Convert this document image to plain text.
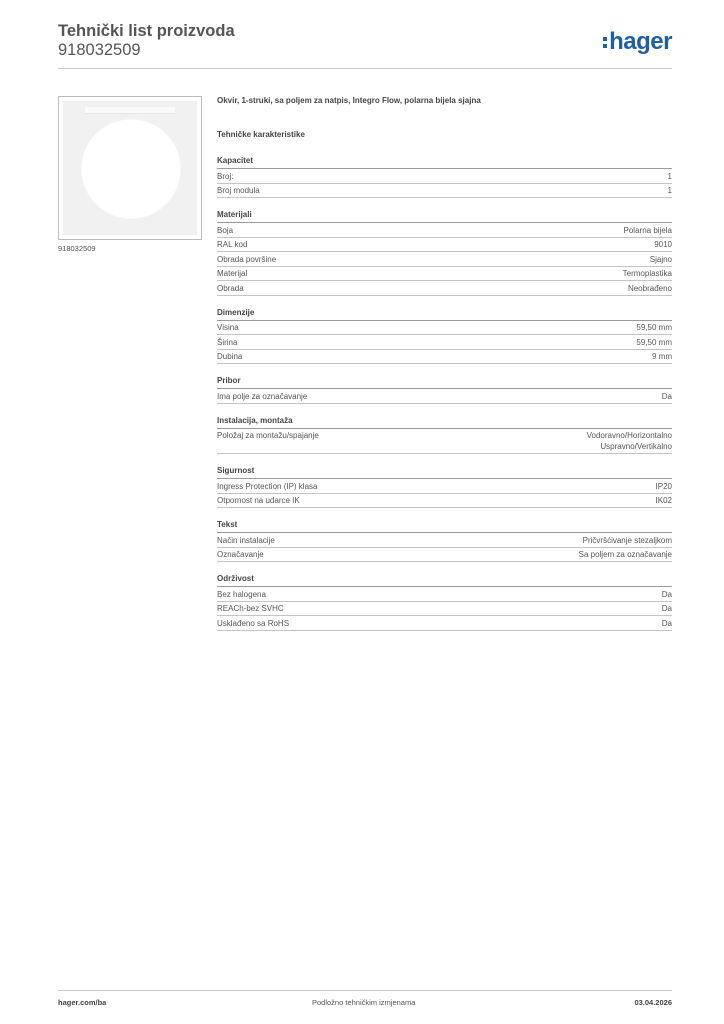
Tehnički list proizvoda
918032509	hager
918032509
Okvir, 1-struki, sa poljem za natpis, Integro Flow, polarna bijela sjajna
Tehničke karakteristike
Kapacitet
Broj:	1
Broj modula	1
Materijali
Boja	Polarna bijela
RAL kod	9010
Obrada površine	Sjajno
Materijal	Termoplastika
Obrada	Neobrađeno
Dimenzije
Visina	59,50 mm
Širina	59,50 mm
Dubina	9 mm
Pribor
Ima polje za označavanje	Da
Instalacija, montaža
Položaj za montažu/spajanje	Vodoravno/Horizontalno
Uspravno/Vertikalno
Sigurnost
Ingress Protection (IP) klasa	IP20
Otpornost na udarce IK	IK02
Tekst
Način instalacije	Pričvršćivanje stezaljkom
Označavanje	Sa poljem za označavanje
Održivost
Bez halogena	Da
REACh-bez SVHC	Da
Usklađeno sa RoHS	Da
hager.com/ba	Podložno tehničkim izmjenama	03.04.2026
